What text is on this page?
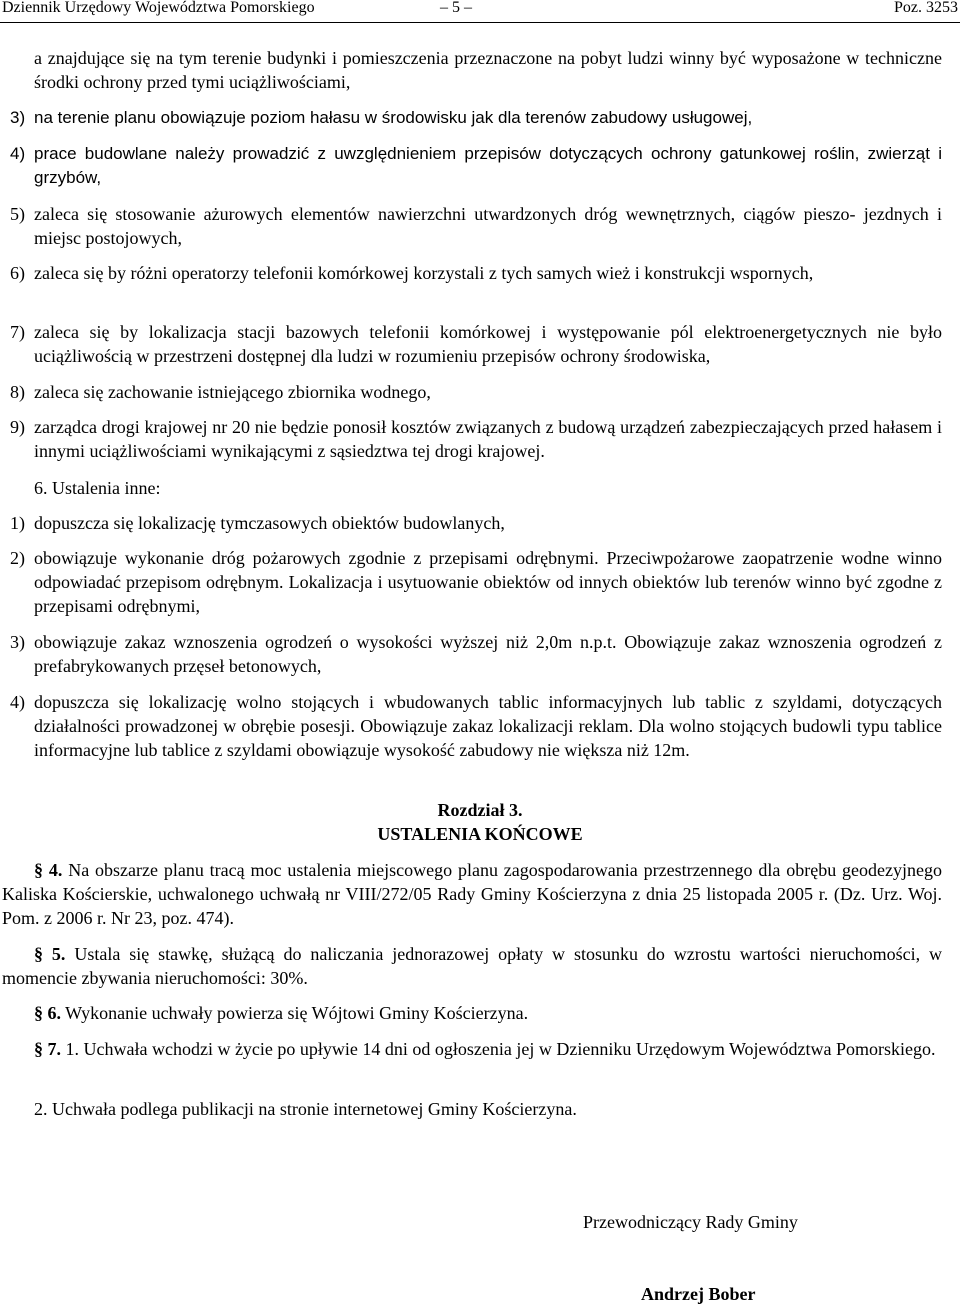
Dziennik Urzędowy Województwa Pomorskiego	– 5 –	Poz. 3253
a znajdujące się na tym terenie budynki i pomieszczenia przeznaczone na pobyt ludzi winny być wyposażone w techniczne środki ochrony przed tymi uciążliwościami,
3) na terenie planu obowiązuje poziom hałasu w środowisku jak dla terenów zabudowy usługowej,
4) prace budowlane należy prowadzić z uwzględnieniem przepisów dotyczących ochrony gatunkowej roślin, zwierząt i grzybów,
5) zaleca się stosowanie ażurowych elementów nawierzchni utwardzonych dróg wewnętrznych, ciągów pieszo- jezdnych i miejsc postojowych,
6) zaleca się by różni operatorzy telefonii komórkowej korzystali z tych samych wież i konstrukcji wspornych,
7) zaleca się by lokalizacja stacji bazowych telefonii komórkowej i występowanie pól elektroenergetycznych nie było uciążliwością w przestrzeni dostępnej dla ludzi w rozumieniu przepisów ochrony środowiska,
8) zaleca się zachowanie istniejącego zbiornika wodnego,
9) zarządca drogi krajowej nr 20 nie będzie ponosił kosztów związanych z budową urządzeń zabezpieczających przed hałasem i innymi uciążliwościami wynikającymi z sąsiedztwa tej drogi krajowej.
6. Ustalenia inne:
1) dopuszcza się lokalizację tymczasowych obiektów budowlanych,
2) obowiązuje wykonanie dróg pożarowych zgodnie z przepisami odrębnymi. Przeciwpożarowe zaopatrzenie wodne winno odpowiadać przepisom odrębnym. Lokalizacja i usytuowanie obiektów od innych obiektów lub terenów winno być zgodne z przepisami odrębnymi,
3) obowiązuje zakaz wznoszenia ogrodzeń o wysokości wyższej niż 2,0m n.p.t. Obowiązuje zakaz wznoszenia ogrodzeń z prefabrykowanych przęseł betonowych,
4) dopuszcza się lokalizację wolno stojących i wbudowanych tablic informacyjnych lub tablic z szyldami, dotyczących działalności prowadzonej w obrębie posesji. Obowiązuje zakaz lokalizacji reklam. Dla wolno stojących budowli typu tablice informacyjne lub tablice z szyldami obowiązuje wysokość zabudowy nie większa niż 12m.
Rozdział 3.
USTALENIA KOŃCOWE
§ 4. Na obszarze planu tracą moc ustalenia miejscowego planu zagospodarowania przestrzennego dla obrębu geodezyjnego Kaliska Kościerskie, uchwalonego uchwałą nr VIII/272/05 Rady Gminy Kościerzyna z dnia 25 listopada 2005 r. (Dz. Urz. Woj. Pom. z 2006 r. Nr 23, poz. 474).
§ 5. Ustala się stawkę, służącą do naliczania jednorazowej opłaty w stosunku do wzrostu wartości nieruchomości, w momencie zbywania nieruchomości: 30%.
§ 6. Wykonanie uchwały powierza się Wójtowi Gminy Kościerzyna.
§ 7. 1. Uchwała wchodzi w życie po upływie 14 dni od ogłoszenia jej w Dzienniku Urzędowym Województwa Pomorskiego.
2. Uchwała podlega publikacji na stronie internetowej Gminy Kościerzyna.
Przewodniczący Rady Gminy
Andrzej Bober
